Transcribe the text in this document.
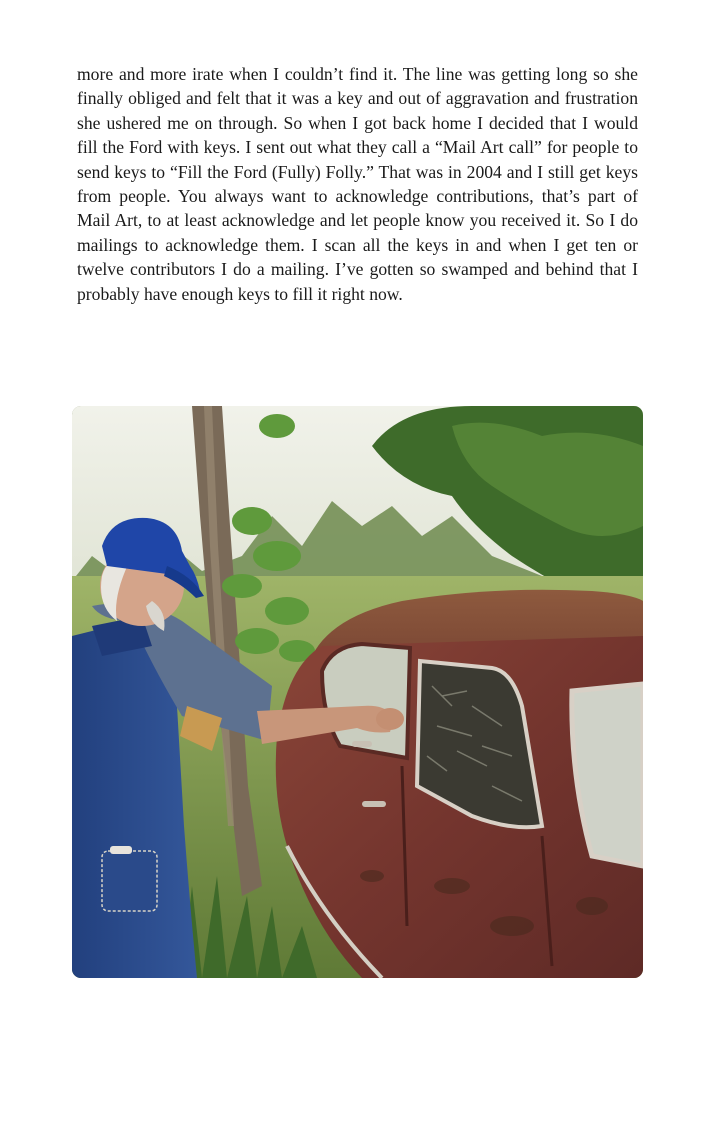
more and more irate when I couldn’t find it. The line was getting long so she finally obliged and felt that it was a key and out of aggravation and frustration she ushered me on through. So when I got back home I decided that I would fill the Ford with keys. I sent out what they call a “Mail Art call” for people to send keys to “Fill the Ford (Fully) Folly.” That was in 2004 and I still get keys from people. You always want to acknowledge contributions, that’s part of Mail Art, to at least acknowledge and let people know you received it. So I do mailings to acknowledge them. I scan all the keys in and when I get ten or twelve contributors I do a mailing. I’ve gotten so swamped and behind that I probably have enough keys to fill it right now.
